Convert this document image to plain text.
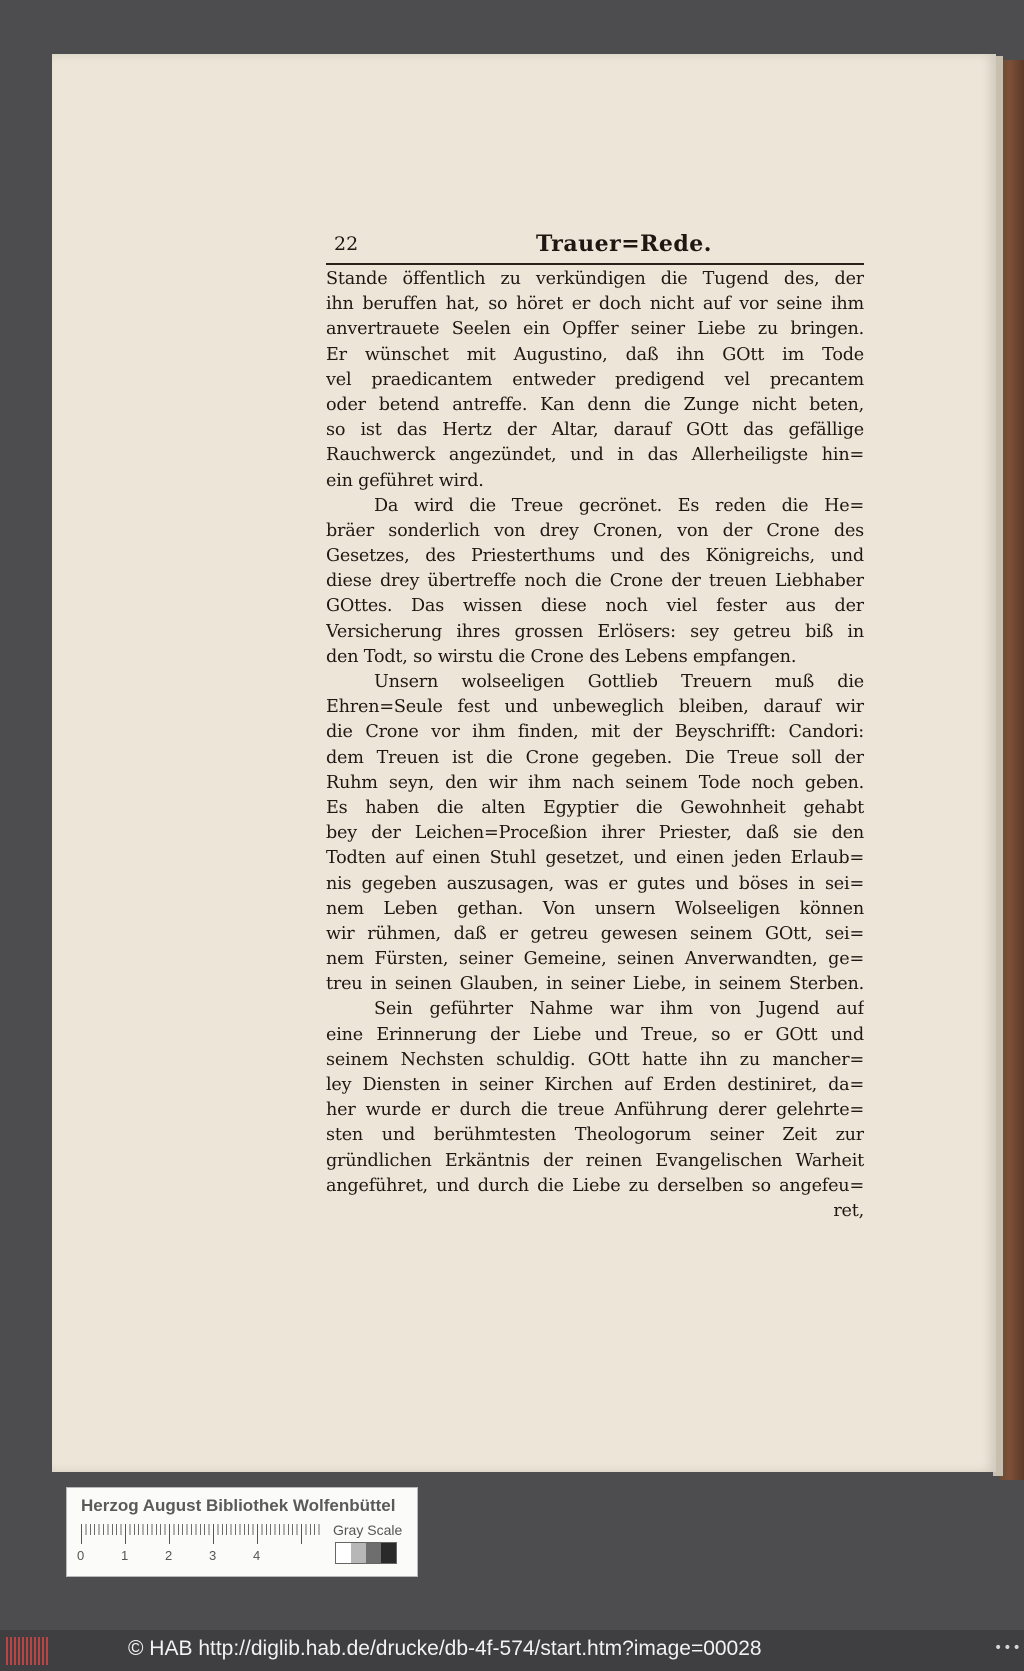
22	Trauer=Rede.
Stande öffentlich zu verkündigen die Tugend des, der
ihn beruffen hat, so höret er doch nicht auf vor seine ihm
anvertrauete Seelen ein Opffer seiner Liebe zu bringen.
Er wünschet mit Augustino, daß ihn GOtt im Tode
vel praedicantem entweder predigend vel precantem
oder betend antreffe. Kan denn die Zunge nicht beten,
so ist das Hertz der Altar, darauf GOtt das gefällige
Rauchwerck angezündet, und in das Allerheiligste hin=
ein geführet wird.
Da wird die Treue gecrönet. Es reden die He=
bräer sonderlich von drey Cronen, von der Crone des
Gesetzes, des Priesterthums und des Königreichs, und
diese drey übertreffe noch die Crone der treuen Liebhaber
GOttes. Das wissen diese noch viel fester aus der
Versicherung ihres grossen Erlösers: sey getreu biß in
den Todt, so wirstu die Crone des Lebens empfangen.
Unsern wolseeligen Gottlieb Treuern muß die
Ehren=Seule fest und unbeweglich bleiben, darauf wir
die Crone vor ihm finden, mit der Beyschrifft: Candori:
dem Treuen ist die Crone gegeben. Die Treue soll der
Ruhm seyn, den wir ihm nach seinem Tode noch geben.
Es haben die alten Egyptier die Gewohnheit gehabt
bey der Leichen=Proceßion ihrer Priester, daß sie den
Todten auf einen Stuhl gesetzet, und einen jeden Erlaub=
nis gegeben auszusagen, was er gutes und böses in sei=
nem Leben gethan. Von unsern Wolseeligen können
wir rühmen, daß er getreu gewesen seinem GOtt, sei=
nem Fürsten, seiner Gemeine, seinen Anverwandten, ge=
treu in seinen Glauben, in seiner Liebe, in seinem Sterben.
Sein geführter Nahme war ihm von Jugend auf
eine Erinnerung der Liebe und Treue, so er GOtt und
seinem Nechsten schuldig. GOtt hatte ihn zu mancher=
ley Diensten in seiner Kirchen auf Erden destiniret, da=
her wurde er durch die treue Anführung derer gelehrte=
sten und berühmtesten Theologorum seiner Zeit zur
gründlichen Erkäntnis der reinen Evangelischen Warheit
angeführet, und durch die Liebe zu derselben so angefeu=
ret,
Herzog August Bibliothek Wolfenbüttel
0	1	2	3	4
Gray Scale
© HAB http://diglib.hab.de/drucke/db-4f-574/start.htm?image=00028	•••
